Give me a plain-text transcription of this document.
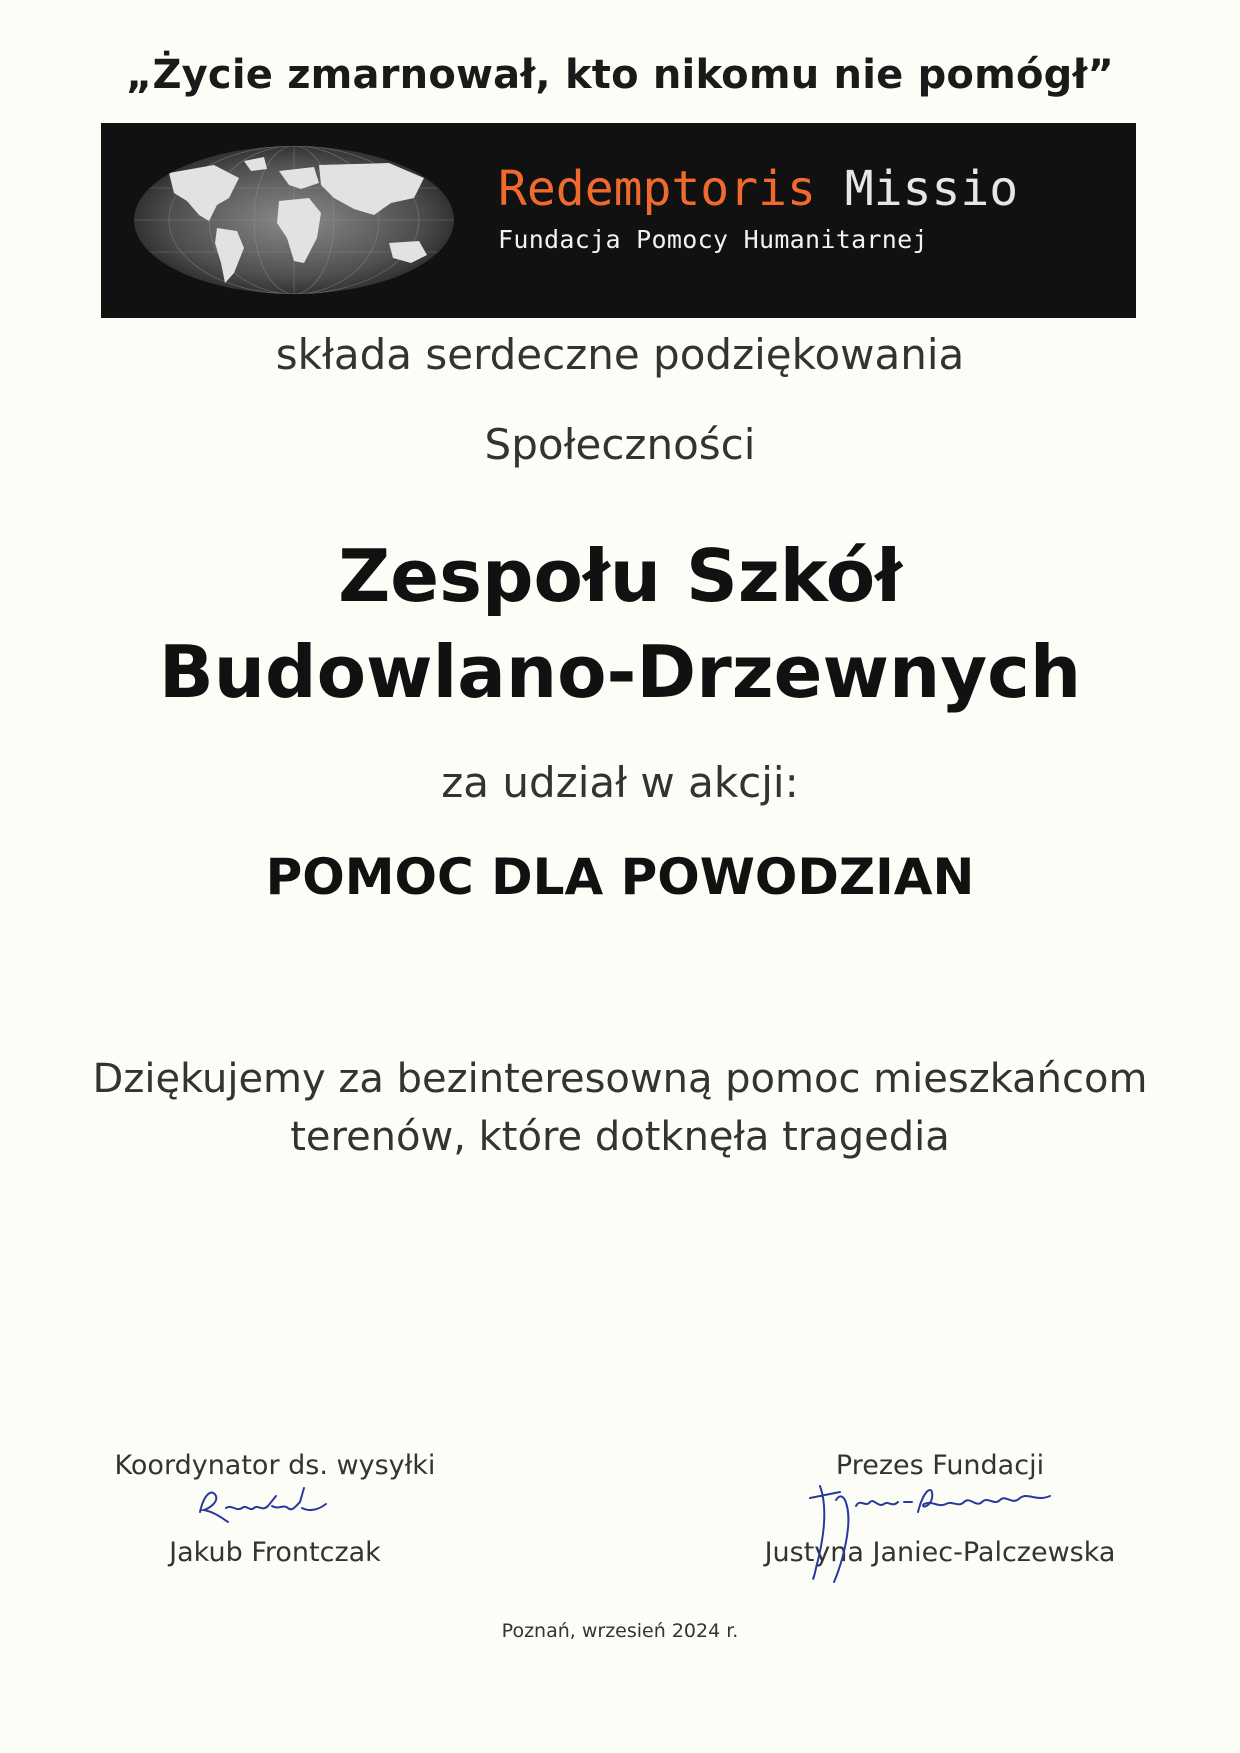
„Życie zmarnował, kto nikomu nie pomógł”
Redemptoris Missio
Fundacja Pomocy Humanitarnej
składa serdeczne podziękowania
Społeczności
Zespołu Szkół
Budowlano-Drzewnych
za udział w akcji:
POMOC DLA POWODZIAN
Dziękujemy za bezinteresowną pomoc mieszkańcom
terenów, które dotknęła tragedia
Koordynator ds. wysyłki
Jakub Frontczak
Prezes Fundacji
Justyna Janiec-Palczewska
Poznań, wrzesień 2024 r.
